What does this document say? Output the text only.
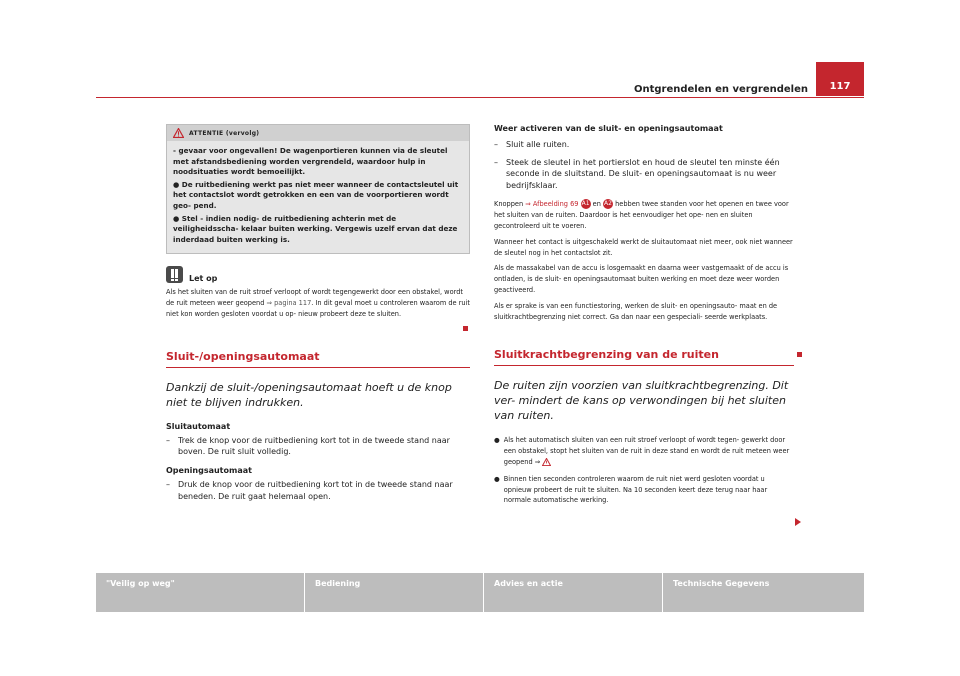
Ontgrendelen en vergrendelen	117
ATTENTIE (vervolg)

- gevaar voor ongevallen! De wagenportieren kunnen via de sleutel met afstandsbediening worden vergrendeld, waardoor hulp in noodsituaties wordt bemoeilijkt.

● De ruitbediening werkt pas niet meer wanneer de contactsleutel uit het contactslot wordt getrokken en een van de voorportieren wordt geo- pend.

● Stel - indien nodig- de ruitbediening achterin met de veiligheidsscha- kelaar buiten werking. Vergewis uzelf ervan dat deze inderdaad buiten werking is.

Let op
Als het sluiten van de ruit stroef verloopt of wordt tegengewerkt door een obstakel, wordt de ruit meteen weer geopend ⇒ pagina 117. In dit geval moet u controleren waarom de ruit niet kon worden gesloten voordat u op- nieuw probeert deze te sluiten.
Sluit-/openingsautomaat
Dankzij de sluit-/openingsautomaat hoeft u de knop niet te blijven indrukken.
Sluitautomaat
–	Trek de knop voor de ruitbediening kort tot in de tweede stand naar boven. De ruit sluit volledig.
Openingsautomaat
–	Druk de knop voor de ruitbediening kort tot in de tweede stand naar beneden. De ruit gaat helemaal open.
Weer activeren van de sluit- en openingsautomaat
–	Sluit alle ruiten.
–	Steek de sleutel in het portierslot en houd de sleutel ten minste één seconde in de sluitstand. De sluit- en openingsautomaat is nu weer bedrijfsklaar.

Knoppen ⇒ Afbeelding 69 A1 en A2 hebben twee standen voor het openen en twee voor het sluiten van de ruiten. Daardoor is het eenvoudiger het ope- nen en sluiten gecontroleerd uit te voeren.

Wanneer het contact is uitgeschakeld werkt de sluitautomaat niet meer, ook niet wanneer de sleutel nog in het contactslot zit.

Als de massakabel van de accu is losgemaakt en daarna weer vastgemaakt of de accu is ontladen, is de sluit- en openingsautomaat buiten werking en moet deze weer worden geactiveerd.

Als er sprake is van een functiestoring, werken de sluit- en openingsauto- maat en de sluitkrachtbegrenzing niet correct. Ga dan naar een gespeciali- seerde werkplaats.

Sluitkrachtbegrenzing van de ruiten
De ruiten zijn voorzien van sluitkrachtbegrenzing. Dit ver- mindert de kans op verwondingen bij het sluiten van ruiten.
● Als het automatisch sluiten van een ruit stroef verloopt of wordt tegen- gewerkt door een obstakel, stopt het sluiten van de ruit in deze stand en wordt de ruit meteen weer geopend ⇒
● Binnen tien seconden controleren waarom de ruit niet werd gesloten voordat u opnieuw probeert de ruit te sluiten. Na 10 seconden keert deze terug naar haar normale automatische werking.
"Veilig op weg"	Bediening	Advies en actie	Technische Gegevens
